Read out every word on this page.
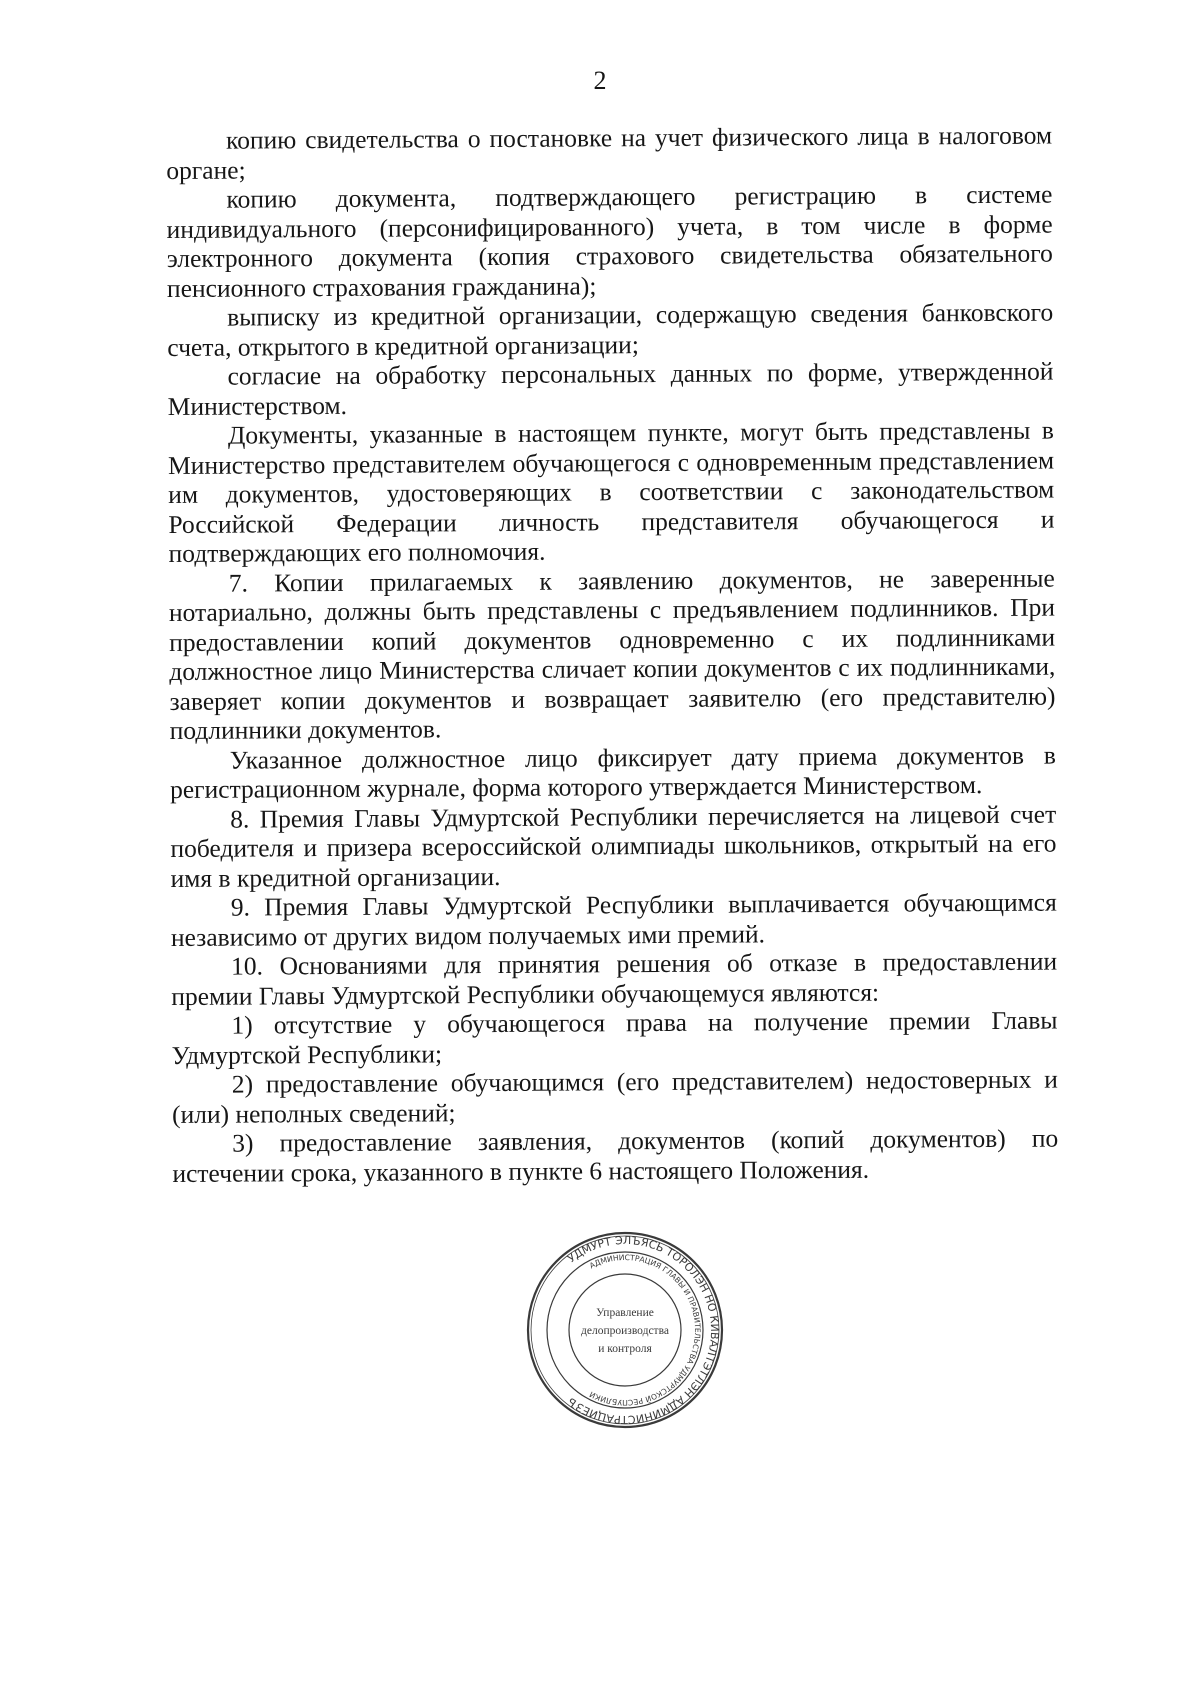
2

копию свидетельства о постановке на учет физического лица в налоговом органе;

копию документа, подтверждающего регистрацию в системе индивидуального (персонифицированного) учета, в том числе в форме электронного документа (копия страхового свидетельства обязательного пенсионного страхования гражданина);

выписку из кредитной организации, содержащую сведения банковского счета, открытого в кредитной организации;

согласие на обработку персональных данных по форме, утвержденной Министерством.

Документы, указанные в настоящем пункте, могут быть представлены в Министерство представителем обучающегося с одновременным представлением им документов, удостоверяющих в соответствии с законодательством Российской Федерации личность представителя обучающегося и подтверждающих его полномочия.

7. Копии прилагаемых к заявлению документов, не заверенные нотариально, должны быть представлены с предъявлением подлинников. При предоставлении копий документов одновременно с их подлинниками должностное лицо Министерства сличает копии документов с их подлинниками, заверяет копии документов и возвращает заявителю (его представителю) подлинники документов.

Указанное должностное лицо фиксирует дату приема документов в регистрационном журнале, форма которого утверждается Министерством.

8. Премия Главы Удмуртской Республики перечисляется на лицевой счет победителя и призера всероссийской олимпиады школьников, открытый на его имя в кредитной организации.

9. Премия Главы Удмуртской Республики выплачивается обучающимся независимо от других видом получаемых ими премий.

10. Основаниями для принятия решения об отказе в предоставлении премии Главы Удмуртской Республики обучающемуся являются:

1) отсутствие у обучающегося права на получение премии Главы Удмуртской Республики;

2) предоставление обучающимся (его представителем) недостоверных и (или) неполных сведений;

3) предоставление заявления, документов (копий документов) по истечении срока, указанного в пункте 6 настоящего Положения.

УДМУРТ ЭЛЪЯСЬ ТОРОЛЭН НО КИВАЛТЭТЛЭН АДМИНИСТРАЦИЕЗЪ
АДМИНИСТРАЦИЯ ГЛАВЫ И ПРАВИТЕЛЬСТВА УДМУРТСКОЙ РЕСПУБЛИКИ
Управление
делопроизводства
и контроля
